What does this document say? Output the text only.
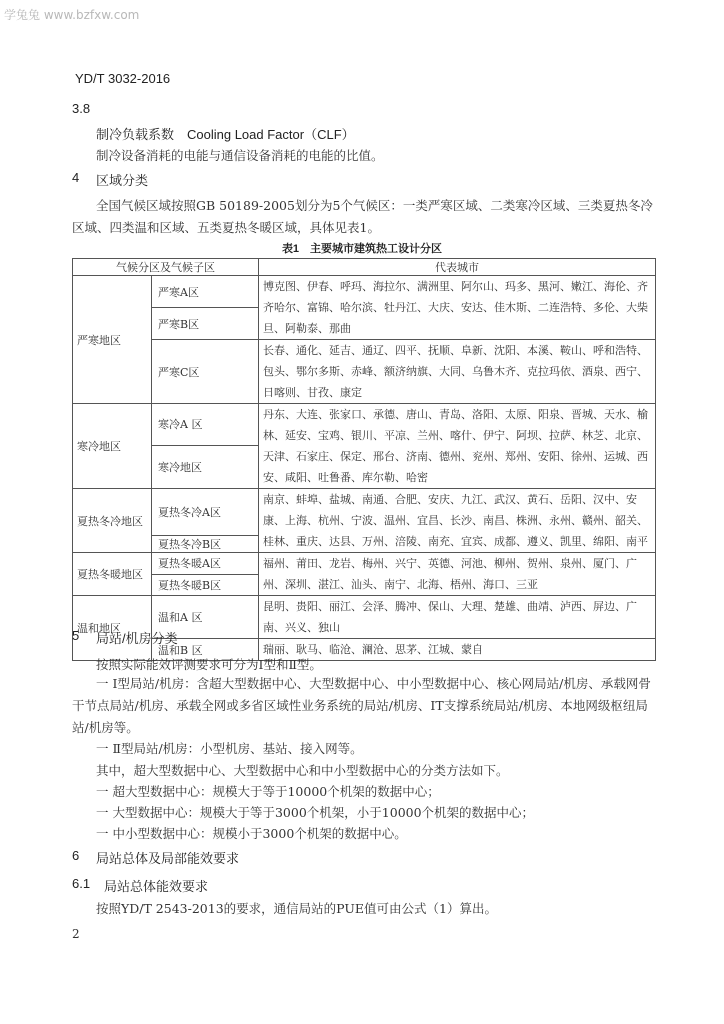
学兔兔 www.bzfxw.com
YD/T 3032-2016
3.8
制冷负载系数　Cooling Load Factor（CLF）
制冷设备消耗的电能与通信设备消耗的电能的比值。
4 区域分类
全国气候区域按照GB 50189-2005划分为5个气候区：一类严寒区域、二类寒冷区域、三类夏热冬冷区域、四类温和区域、五类夏热冬暖区域，具体见表1。
表1　主要城市建筑热工设计分区
气候分区及气候子区		代表城市
严寒地区	严寒A区	博克图、伊春、呼玛、海拉尔、满洲里、阿尔山、玛多、黑河、嫩江、海伦、齐齐哈尔、富锦、哈尔滨、牡丹江、大庆、安达、佳木斯、二连浩特、多伦、大柴旦、阿勒泰、那曲
	严寒B区	
	严寒C区	长春、通化、延吉、通辽、四平、抚顺、阜新、沈阳、本溪、鞍山、呼和浩特、包头、鄂尔多斯、赤峰、额济纳旗、大同、乌鲁木齐、克拉玛依、酒泉、西宁、日喀则、甘孜、康定
寒冷地区	寒冷A 区	丹东、大连、张家口、承德、唐山、青岛、洛阳、太原、阳泉、晋城、天水、榆林、延安、宝鸡、银川、平凉、兰州、喀什、伊宁、阿坝、拉萨、林芝、北京、天津、石家庄、保定、邢台、济南、德州、兖州、郑州、安阳、徐州、运城、西安、咸阳、吐鲁番、库尔勒、哈密
	寒冷地区	
夏热冬冷地区	夏热冬冷A区	南京、蚌埠、盐城、南通、合肥、安庆、九江、武汉、黄石、岳阳、汉中、安康、上海、杭州、宁波、温州、宜昌、长沙、南昌、株洲、永州、赣州、韶关、桂林、重庆、达县、万州、涪陵、南充、宜宾、成都、遵义、凯里、绵阳、南平
	夏热冬冷B区	
夏热冬暖地区	夏热冬暖A区	福州、莆田、龙岩、梅州、兴宁、英德、河池、柳州、贺州、泉州、厦门、广州、深圳、湛江、汕头、南宁、北海、梧州、海口、三亚
	夏热冬暖B区	
温和地区	温和A 区	昆明、贵阳、丽江、会泽、腾冲、保山、大理、楚雄、曲靖、泸西、屏边、广南、兴义、独山
	温和B 区	瑞丽、耿马、临沧、澜沧、思茅、江城、蒙自
5 局站/机房分类
按照实际能效评测要求可分为Ⅰ型和Ⅱ型。
一 Ⅰ型局站/机房：含超大型数据中心、大型数据中心、中小型数据中心、核心网局站/机房、承载网骨干节点局站/机房、承载全网或多省区域性业务系统的局站/机房、IT支撑系统局站/机房、本地网级枢纽局站/机房等。
一 Ⅱ型局站/机房：小型机房、基站、接入网等。
其中，超大型数据中心、大型数据中心和中小型数据中心的分类方法如下。
一 超大型数据中心：规模大于等于10000个机架的数据中心；
一 大型数据中心：规模大于等于3000个机架，小于10000个机架的数据中心；
一 中小型数据中心：规模小于3000个机架的数据中心。
6 局站总体及局部能效要求
6.1 局站总体能效要求
按照YD/T 2543-2013的要求，通信局站的PUE值可由公式（1）算出。
2
